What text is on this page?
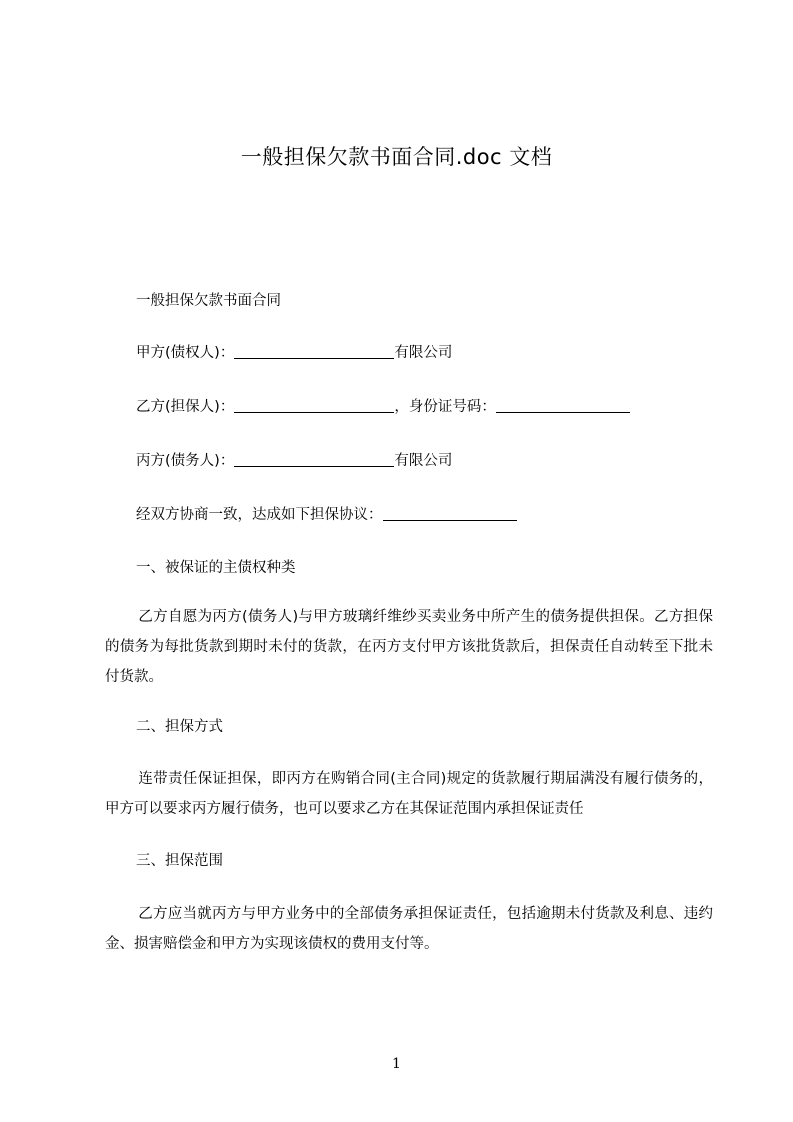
一般担保欠款书面合同.doc 文档
一般担保欠款书面合同
甲方(债权人)：	有限公司
乙方(担保人)：	，身份证号码：
丙方(债务人)：	有限公司
经双方协商一致，达成如下担保协议：
一、被保证的主债权种类
乙方自愿为丙方(债务人)与甲方玻璃纤维纱买卖业务中所产生的债务提供担保。乙方担保的债务为每批货款到期时未付的货款，在丙方支付甲方该批货款后，担保责任自动转至下批未付货款。
二、担保方式
连带责任保证担保，即丙方在购销合同(主合同)规定的货款履行期届满没有履行债务的，甲方可以要求丙方履行债务，也可以要求乙方在其保证范围内承担保证责任
三、担保范围
乙方应当就丙方与甲方业务中的全部债务承担保证责任，包括逾期未付货款及利息、违约金、损害赔偿金和甲方为实现该债权的费用支付等。
1
